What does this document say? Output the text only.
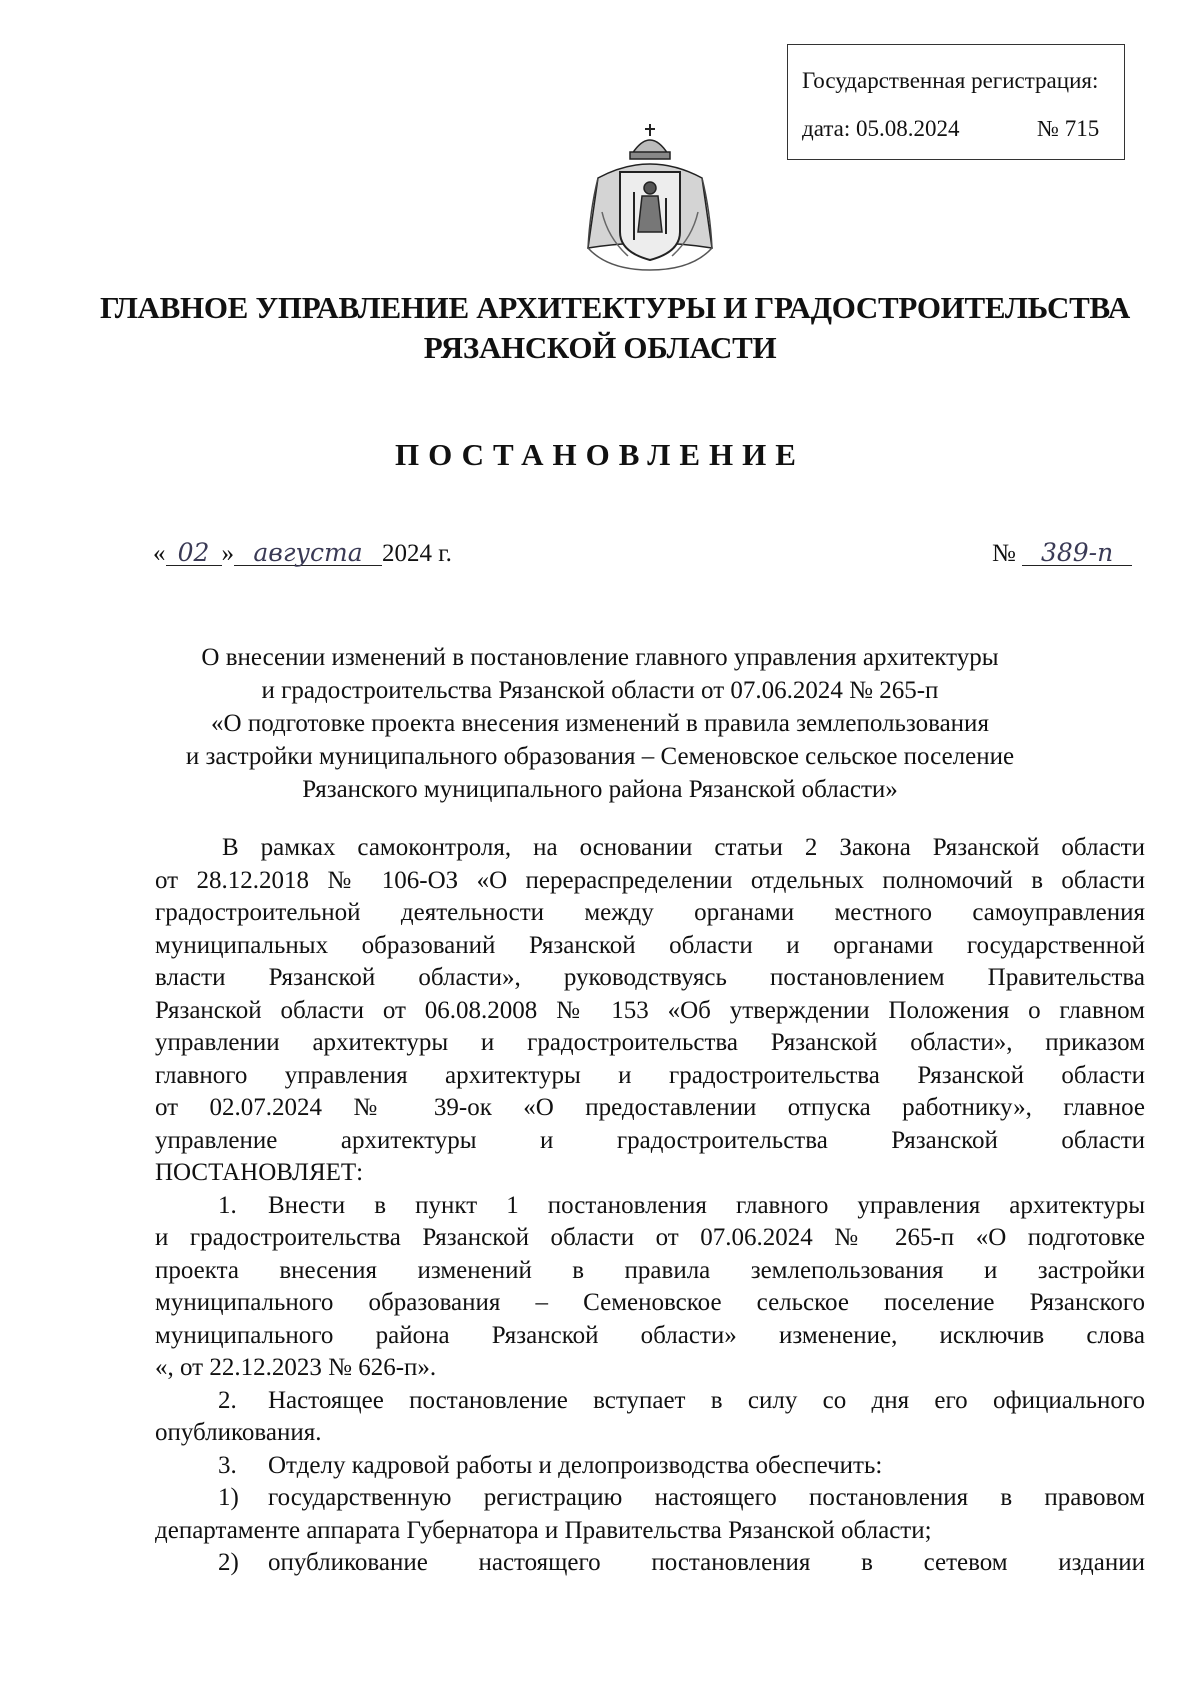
Государственная регистрация:
дата: 05.08.2024	№ 715
ГЛАВНОЕ УПРАВЛЕНИЕ АРХИТЕКТУРЫ И ГРАДОСТРОИТЕЛЬСТВА
РЯЗАНСКОЙ ОБЛАСТИ
ПОСТАНОВЛЕНИЕ
« 02 » августа 2024 г.	№ 389-п
О внесении изменений в постановление главного управления архитектуры
и градостроительства Рязанской области от 07.06.2024 № 265-п
«О подготовке проекта внесения изменений в правила землепользования
и застройки муниципального образования – Семеновское сельское поселение
Рязанского муниципального района Рязанской области»
В рамках самоконтроля, на основании статьи 2 Закона Рязанской области
от 28.12.2018 № 106-ОЗ «О перераспределении отдельных полномочий в области
градостроительной деятельности между органами местного самоуправления
муниципальных образований Рязанской области и органами государственной
власти Рязанской области», руководствуясь постановлением Правительства
Рязанской области от 06.08.2008 № 153 «Об утверждении Положения о главном
управлении архитектуры и градостроительства Рязанской области», приказом
главного управления архитектуры и градостроительства Рязанской области
от 02.07.2024 № 39-ок «О предоставлении отпуска работнику», главное
управление архитектуры и градостроительства Рязанской области
ПОСТАНОВЛЯЕТ:
1.	Внести в пункт 1 постановления главного управления архитектуры
и градостроительства Рязанской области от 07.06.2024 № 265-п «О подготовке
проекта внесения изменений в правила землепользования и застройки
муниципального образования – Семеновское сельское поселение Рязанского
муниципального района Рязанской области» изменение, исключив слова
«, от 22.12.2023 № 626-п».
2.	Настоящее постановление вступает в силу со дня его официального
опубликования.
3.	Отделу кадровой работы и делопроизводства обеспечить:
1)	государственную регистрацию настоящего постановления в правовом
департаменте аппарата Губернатора и Правительства Рязанской области;
2)	опубликование настоящего постановления в сетевом издании
